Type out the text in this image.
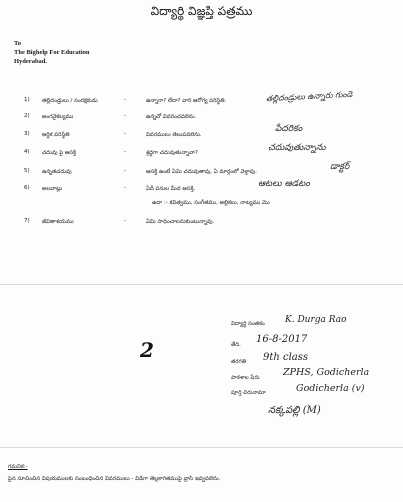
విద్యార్థి విజ్ఞప్తి పత్రము
To
The Bighelp For Education
Hyderabad.
1) తల్లిదండ్రులు / సంరక్షకుడు	-	ఉన్నారా? లేదా? వారి ఆరోగ్య పరిస్థితి.	తల్లిదండ్రులు ఉన్నారు గుండె
2) అంగవైకల్యము	-	ఉన్నచో వివరించవలెను.
3) ఆర్ధిక పరిస్థితి	-	వివరములు తెలుపవలెను.
పేదరికం
4) చదువు పై ఆసక్తి	-	శ్రద్ధగా చదువుతున్నావా?	చదువుతున్నాను
5) ఉన్నతచదువు	-	ఆసక్తి ఉంటే ఏమి చదువుతావు, ఏ మార్గంలో వెళ్తావు.	డాక్టర్
6) అలవాట్లు	-	ఏదీ పనుల మీద ఆసక్తి.	ఆటలు ఆడటం
ఉదా :- కవిత్వము, సంగీతము, అల్లికలు, నాట్యము మొ
7) జీవితాశయము	-	ఏమి సాధించాలనుకుంటున్నావు.
విద్యార్థి సంతకం K. Durga Rao
తేది. 16-8-2017
తరగతి 9th class
పాఠశాల పేరు ZPHS, Godicherla
పూర్తి చిరునామా	Godicherla (v)
నక్కపల్లి (M)
2
గమనిక:-
పైన సూచించిన విషయములకు సంబంధించిన వివరములు - విడిగా తెల్లకాగితముపై వ్రాసి ఇవ్వవలెను.
